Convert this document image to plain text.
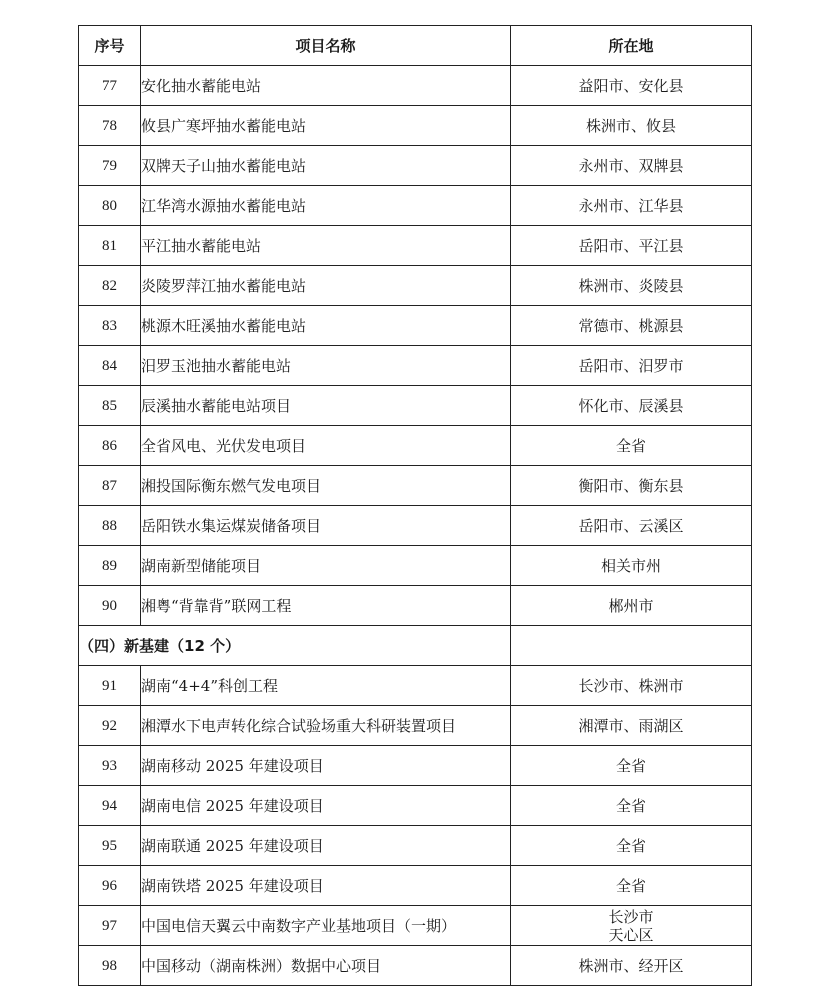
序号	项目名称	所在地
77	安化抽水蓄能电站	益阳市、安化县
78	攸县广寒坪抽水蓄能电站	株洲市、攸县
79	双牌天子山抽水蓄能电站	永州市、双牌县
80	江华湾水源抽水蓄能电站	永州市、江华县
81	平江抽水蓄能电站	岳阳市、平江县
82	炎陵罗萍江抽水蓄能电站	株洲市、炎陵县
83	桃源木旺溪抽水蓄能电站	常德市、桃源县
84	汨罗玉池抽水蓄能电站	岳阳市、汨罗市
85	辰溪抽水蓄能电站项目	怀化市、辰溪县
86	全省风电、光伏发电项目	全省
87	湘投国际衡东燃气发电项目	衡阳市、衡东县
88	岳阳铁水集运煤炭储备项目	岳阳市、云溪区
89	湖南新型储能项目	相关市州
90	湘粤“背靠背”联网工程	郴州市
（四）新基建（12 个）		
91	湖南“4+4”科创工程	长沙市、株洲市
92	湘潭水下电声转化综合试验场重大科研装置项目	湘潭市、雨湖区
93	湖南移动 2025 年建设项目	全省
94	湖南电信 2025 年建设项目	全省
95	湖南联通 2025 年建设项目	全省
96	湖南铁塔 2025 年建设项目	全省
97	中国电信天翼云中南数字产业基地项目（一期）	长沙市
天心区

98	中国移动（湖南株洲）数据中心项目	株洲市、经开区
